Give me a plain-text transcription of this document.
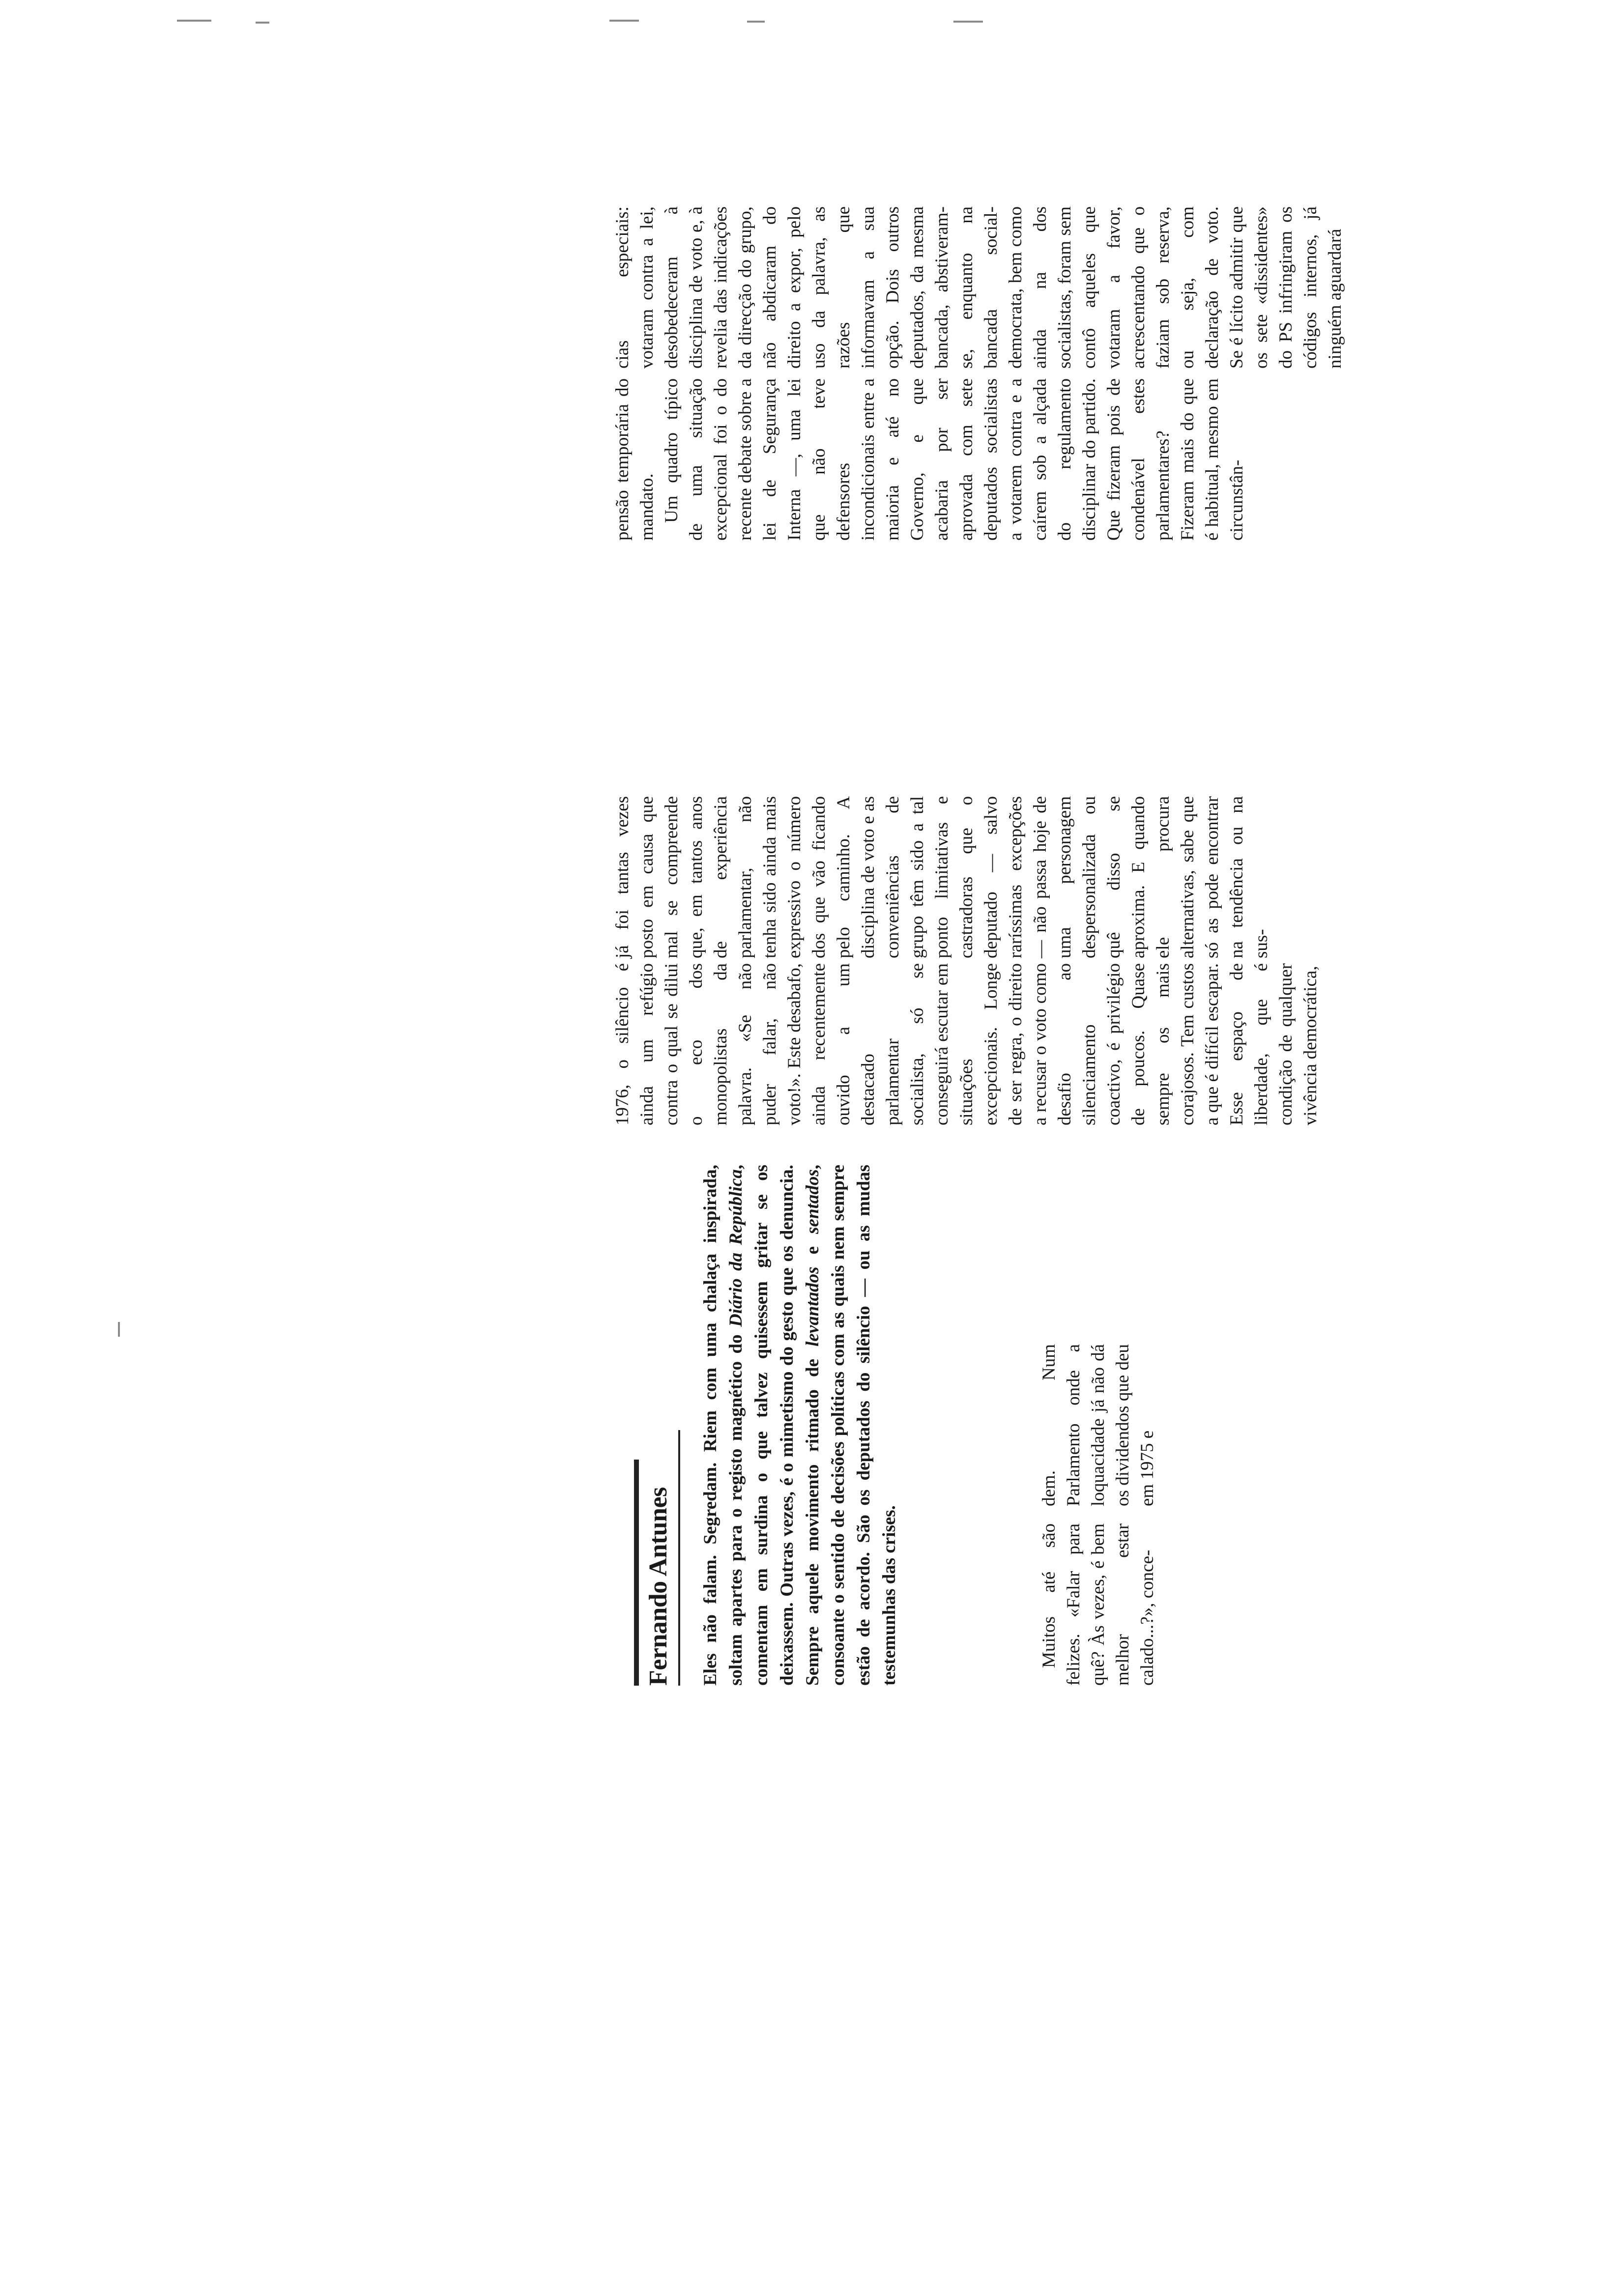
Fernando Antunes Eles não falam. Segredam. Riem com uma chalaça inspirada, soltam apartes para o registo magnético do Diário da República, comentam em surdina o que talvez quisessem gritar se os deixassem. Outras vezes, é o mimetismo do gesto que os denuncia. Sempre aquele movimento ritmado de levantados e sentados, consoante o sentido de decisões políticas com as quais nem sempre estão de acordo. São os deputados do silêncio — ou as mudas testemunhas das crises.	Muitos até são felizes. «Falar para quê? Às vezes, é bem melhor estar calado...?», conce-

dem. Num Parlamento onde a loquacidade já não dá os dividendos que deu em 1975 e

1976, o silêncio é ainda um refúgio contra o qual se dilui o eco dos monopolistas da palavra. «Se não puder falar, não voto!». Este desabafo, ainda recentemente ouvido a um destacado parlamentar socialista, só se conseguirá escutar em situações excepcionais. Longe de ser regra, o direito a recusar o voto como desafio ao silenciamento coactivo, é privilégio de poucos. Quase sempre os mais corajosos. Tem custos a que é difícil escapar. Esse espaço de liberdade, que é condição de qualquer vivência democrática,

já foi tantas vezes posto em causa que mal se compreende que, em tantos anos de experiência parlamentar, não tenha sido ainda mais expressivo o número dos que vão ficando pelo caminho. A disciplina de voto e as conveniências de grupo têm sido a tal ponto limitativas e castradoras que o deputado — salvo raríssimas excepções — não passa hoje de uma personagem despersonalizada ou quê disso se aproxima. E quando ele procura alternativas, sabe que só as pode encontrar na tendência ou na sus-

pensão temporária do mandato. Um quadro típico de uma situação excepcional foi o do recente debate sobre a lei de Segurança Interna —, uma lei que não teve defensores incondicionais entre a maioria e até no Governo, e que acabaria por ser aprovada com sete deputados socialistas a votarem contra e a caírem sob a alçada do regulamento disciplinar do partido. Que fizeram pois de condenável estes parlamentares? Fizeram mais do que é habitual, mesmo em circunstân-

cias especiais: votaram contra a lei, desobedeceram à disciplina de voto e, à revelia das indicações da direcção do grupo, não abdicaram do direito a expor, pelo uso da palavra, as razões que informavam a sua opção. Dois outros deputados, da mesma bancada, abstiveram-se, enquanto na bancada social-democrata, bem como ainda na dos socialistas, foram sem contô aqueles que votaram a favor, acrescentando que o faziam sob reserva, ou seja, com declaração de voto. Se é lícito admitir que os sete «dissidentes» do PS infringiram os códigos internos, já ninguém aguardará
